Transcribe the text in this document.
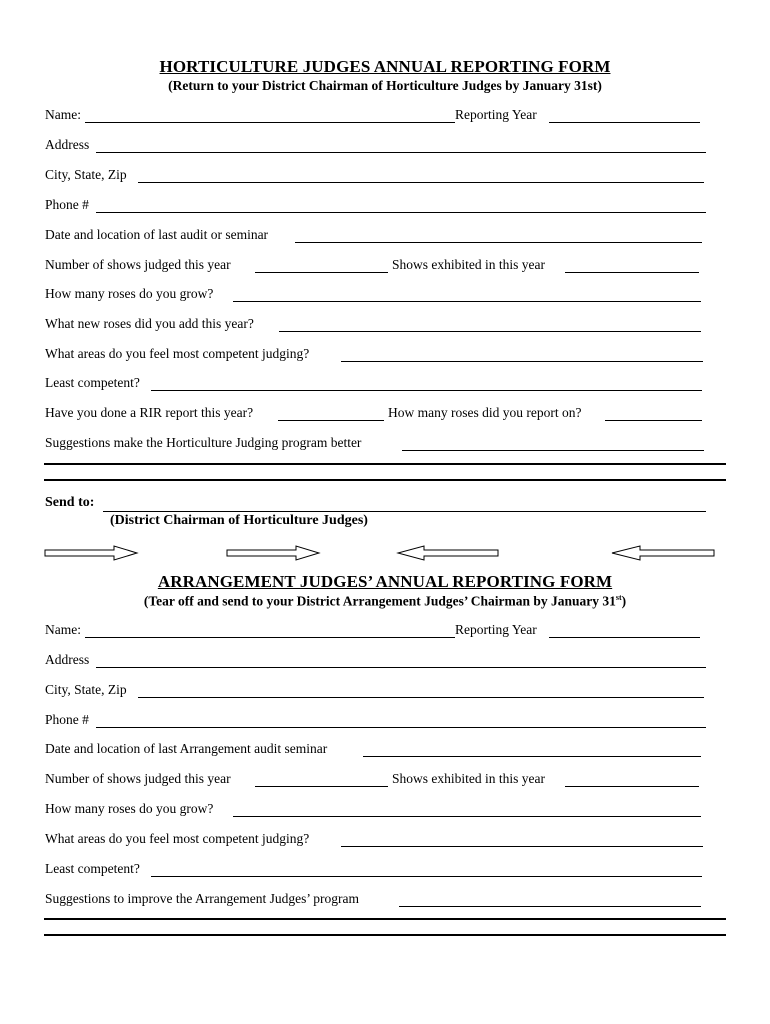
HORTICULTURE JUDGES ANNUAL REPORTING FORM
(Return to your District Chairman of Horticulture Judges by January 31st)
Name:	Reporting Year
Address
City, State, Zip
Phone #
Date and location of last audit or seminar
Number of shows judged this year	Shows exhibited in this year
How many roses do you grow?
What new roses did you add this year?
What areas do you feel most competent judging?
Least competent?
Have you done a RIR report this year?	How many roses did you report on?
Suggestions make the Horticulture Judging program better
Send to:
(District Chairman of Horticulture Judges)
ARRANGEMENT JUDGES’ ANNUAL REPORTING FORM
(Tear off and send to your District Arrangement Judges’ Chairman by January 31st)
Name:	Reporting Year
Address
City, State, Zip
Phone #
Date and location of last Arrangement audit seminar
Number of shows judged this year	Shows exhibited in this year
How many roses do you grow?
What areas do you feel most competent judging?
Least competent?
Suggestions to improve the Arrangement Judges’ program
